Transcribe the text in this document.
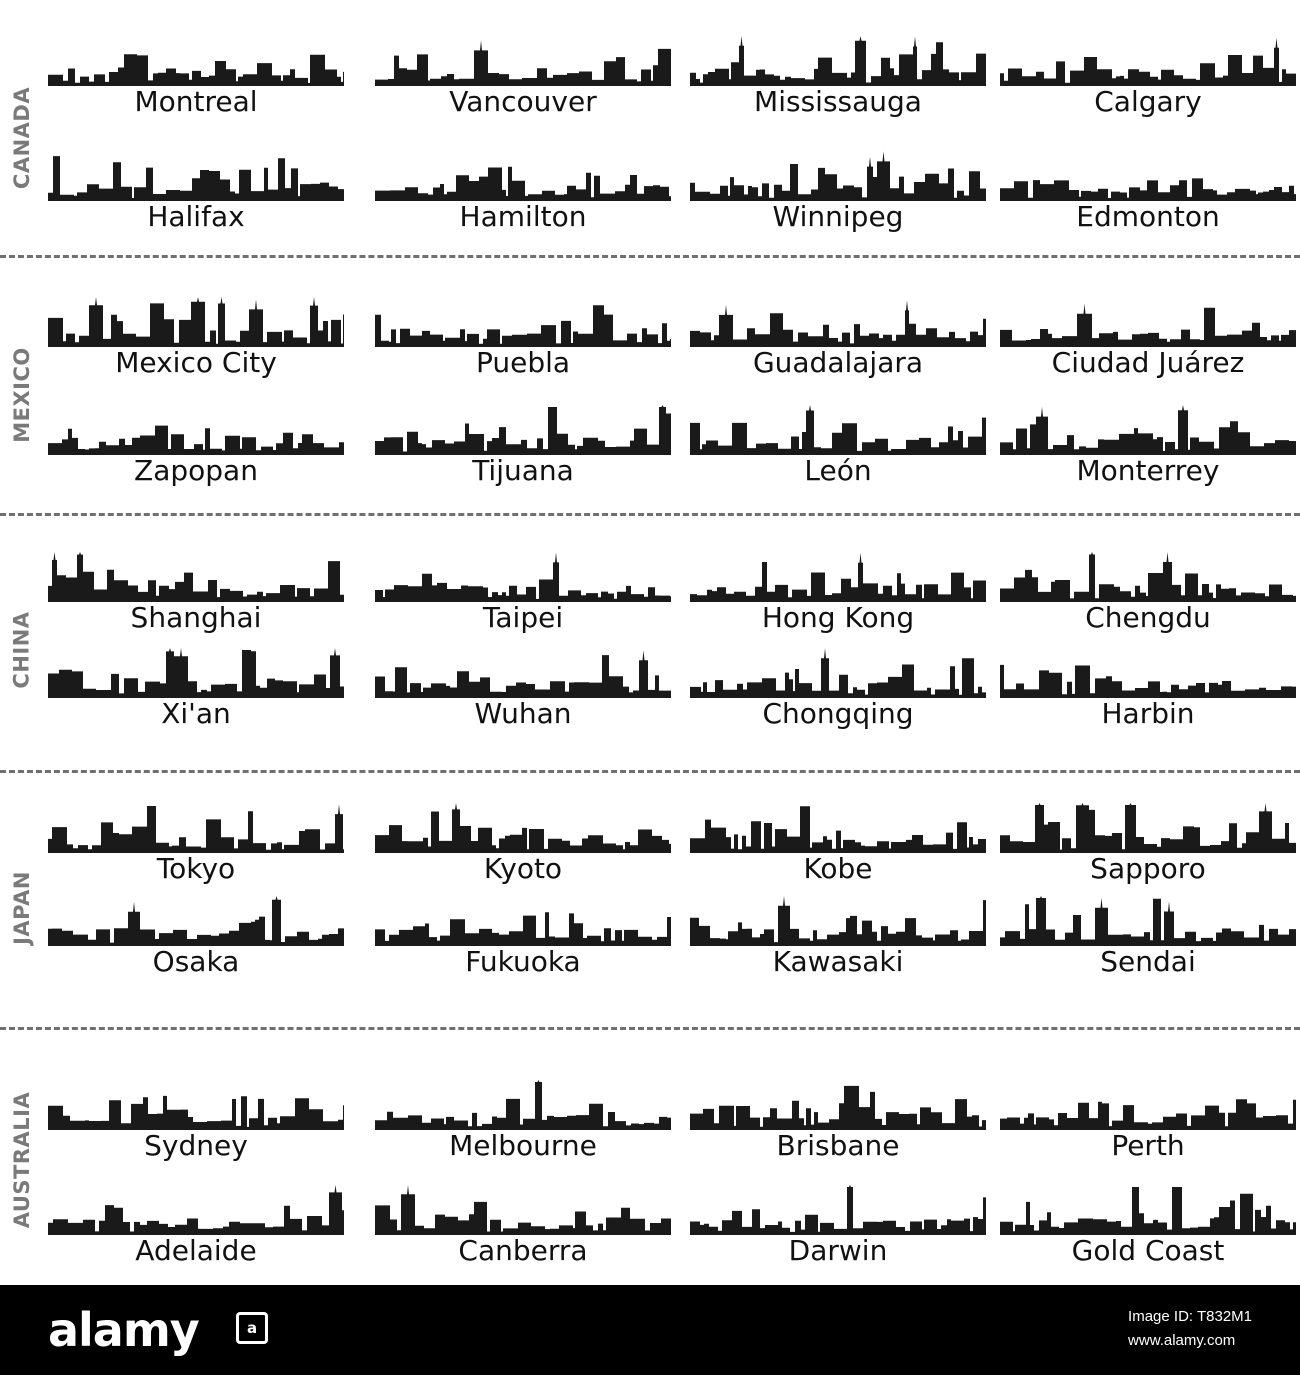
CANADA	Montreal	Vancouver	Mississauga	Calgary
Halifax	Hamilton	Winnipeg	Edmonton
MEXICO	Mexico City	Puebla	Guadalajara	Ciudad Juárez
Zapopan	Tijuana	León	Monterrey
CHINA	Shanghai	Taipei	Hong Kong	Chengdu
Xi'an	Wuhan	Chongqing	Harbin
JAPAN
Tokyo	Kyoto	Kobe	Sapporo
Osaka	Fukuoka	Kawasaki	Sendai
AUSTRALIA	Sydney	Melbourne	Brisbane	Perth
Adelaide	Canberra	Darwin	Gold Coast
alamy	a
Image ID: T832M1
www.alamy.com
